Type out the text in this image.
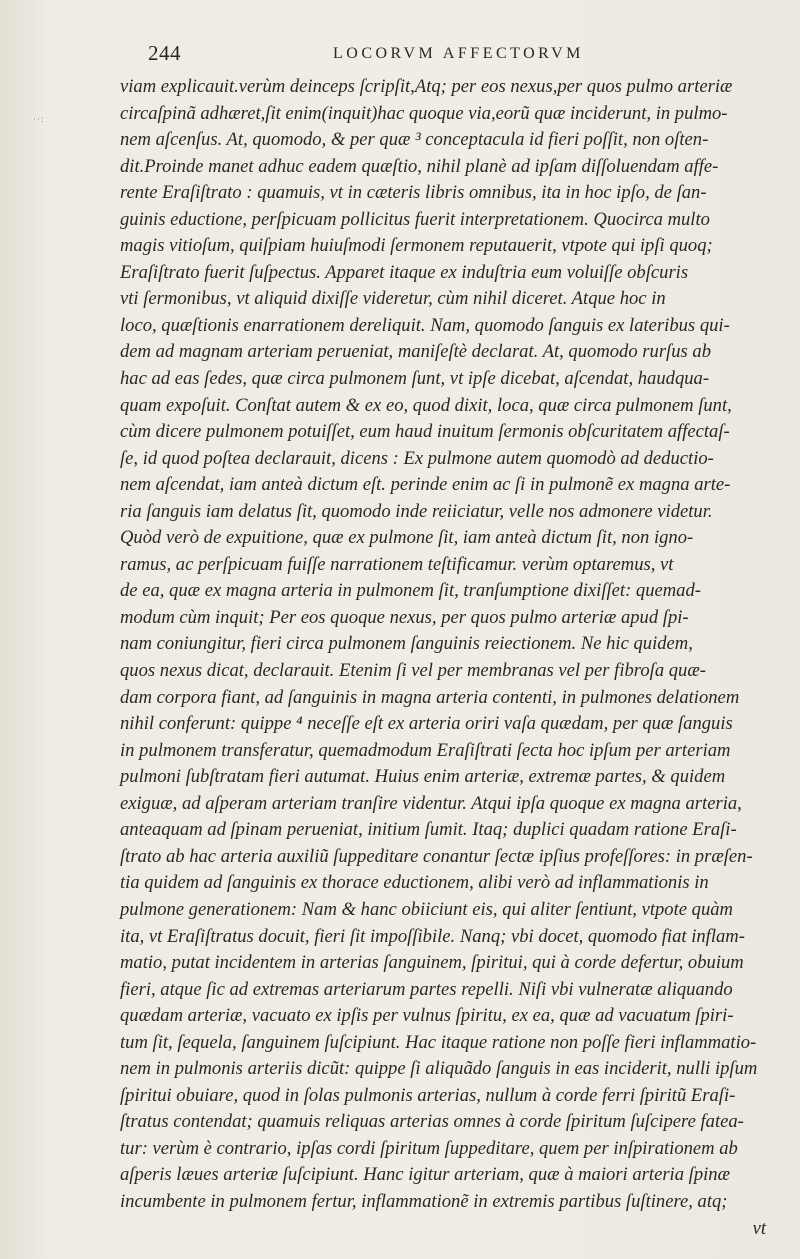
244	LOCORVM AFFECTORVM
··:
viam explicauit.verùm deinceps ſcripſit,Atq; per eos nexus,per quos pulmo arteriæ
circaſpinã adhæret,ſit enim(inquit)hac quoque via,eorũ quæ inciderunt, in pulmo-
nem aſcenſus. At, quomodo, & per quæ ³ conceptacula id fieri poſſit, non oſten-
dit.Proinde manet adhuc eadem quæſtio, nihil planè ad ipſam diſſoluendam affe-
rente Eraſiſtrato : quamuis, vt in cæteris libris omnibus, ita in hoc ipſo, de ſan-
guinis eductione, perſpicuam pollicitus fuerit interpretationem. Quocirca multo
magis vitioſum, quiſpiam huiuſmodi ſermonem reputauerit, vtpote qui ipſi quoq;
Eraſiſtrato fuerit ſuſpectus. Apparet itaque ex induſtria eum voluiſſe obſcuris
vti ſermonibus, vt aliquid dixiſſe videretur, cùm nihil diceret. Atque hoc in
loco, quæſtionis enarrationem dereliquit. Nam, quomodo ſanguis ex lateribus qui-
dem ad magnam arteriam perueniat, maniſeſtè declarat. At, quomodo rurſus ab
hac ad eas ſedes, quæ circa pulmonem ſunt, vt ipſe dicebat, aſcendat, haudqua-
quam expoſuit. Conſtat autem & ex eo, quod dixit, loca, quæ circa pulmonem ſunt,
cùm dicere pulmonem potuiſſet, eum haud inuitum ſermonis obſcuritatem affectaſ-
ſe, id quod poſtea declarauit, dicens : Ex pulmone autem quomodò ad deductio-
nem aſcendat, iam anteà dictum eſt. perinde enim ac ſi in pulmonẽ ex magna arte-
ria ſanguis iam delatus ſit, quomodo inde reiiciatur, velle nos admonere videtur.
Quòd verò de expuitione, quæ ex pulmone ſit, iam anteà dictum ſit, non igno-
ramus, ac perſpicuam fuiſſe narrationem teſtificamur. verùm optaremus, vt
de ea, quæ ex magna arteria in pulmonem ſit, tranſumptione dixiſſet: quemad-
modum cùm inquit; Per eos quoque nexus, per quos pulmo arteriæ apud ſpi-
nam coniungitur, fieri circa pulmonem ſanguinis reiectionem. Ne hic quidem,
quos nexus dicat, declarauit. Etenim ſi vel per membranas vel per fibroſa quæ-
dam corpora fiant, ad ſanguinis in magna arteria contenti, in pulmones delationem
nihil conferunt: quippe ⁴ neceſſe eſt ex arteria oriri vaſa quædam, per quæ ſanguis
in pulmonem transferatur, quemadmodum Eraſiſtrati ſecta hoc ipſum per arteriam
pulmoni ſubſtratam fieri autumat. Huius enim arteriæ, extremæ partes, & quidem
exiguæ, ad aſperam arteriam tranſire videntur. Atqui ipſa quoque ex magna arteria,
anteaquam ad ſpinam perueniat, initium ſumit. Itaq; duplici quadam ratione Eraſi-
ſtrato ab hac arteria auxiliũ ſuppeditare conantur ſectæ ipſius profeſſores: in præſen-
tia quidem ad ſanguinis ex thorace eductionem, alibi verò ad inflammationis in
pulmone generationem: Nam & hanc obiiciunt eis, qui aliter ſentiunt, vtpote quàm
ita, vt Eraſiſtratus docuit, fieri ſit impoſſibile. Nanq; vbi docet, quomodo fiat inflam-
matio, putat incidentem in arterias ſanguinem, ſpiritui, qui à corde defertur, obuium
fieri, atque ſic ad extremas arteriarum partes repelli. Niſi vbi vulneratæ aliquando
quædam arteriæ, vacuato ex ipſis per vulnus ſpiritu, ex ea, quæ ad vacuatum ſpiri-
tum ſit, ſequela, ſanguinem ſuſcipiunt. Hac itaque ratione non poſſe fieri inflammatio-
nem in pulmonis arteriis dicũt: quippe ſi aliquãdo ſanguis in eas inciderit, nulli ipſum
ſpiritui obuiare, quod in ſolas pulmonis arterias, nullum à corde ferri ſpiritũ Eraſi-
ſtratus contendat; quamuis reliquas arterias omnes à corde ſpiritum ſuſcipere fatea-
tur: verùm è contrario, ipſas cordi ſpiritum ſuppeditare, quem per inſpirationem ab
aſperis læues arteriæ ſuſcipiunt. Hanc igitur arteriam, quæ à maiori arteria ſpinæ
incumbente in pulmonem fertur, inflammationẽ in extremis partibus ſuſtinere, atq;
vt
